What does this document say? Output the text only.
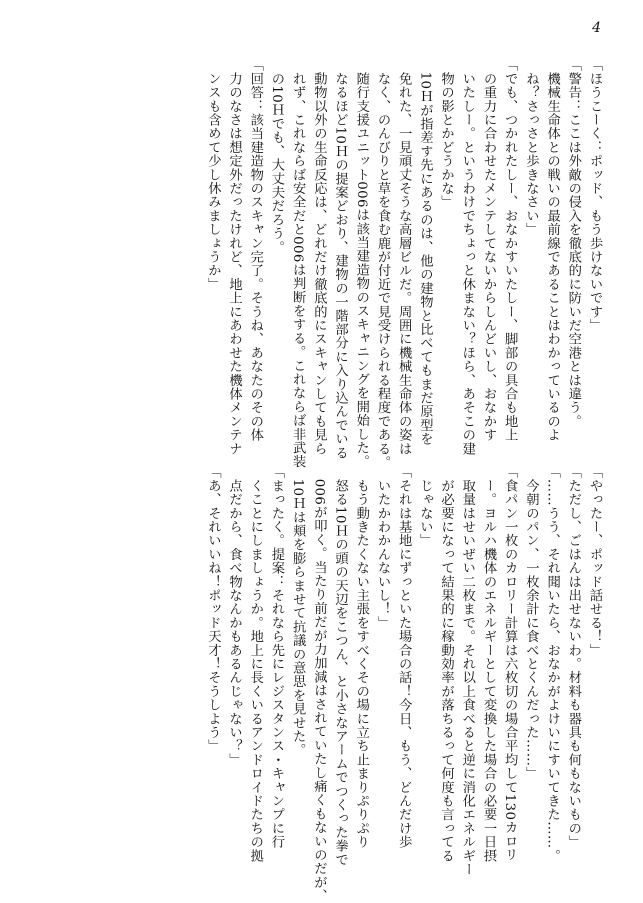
4

「ほうこーく：ポッド、もう歩けないです」

「警告：ここは外敵の侵入を徹底的に防いだ空港とは違う。

　機械生命体との戦いの最前線であることはわかっているのよ

　ね？さっさと歩きなさい」

「でも、つかれたしー、おなかすいたしー、脚部の具合も地上

　の重力に合わせたメンテしてないからしんどいし、おなかす

　いたしー。というわけでちょっと休まない？ほら、あそこの建

　物の影とかどうかな」

　10Ｈが指差す先にあるのは、他の建物と比べてもまだ原型を

　免れた、一見頑丈そうな高層ビルだ。周囲に機械生命体の姿は

　なく、のんびりと草を食む鹿が付近で見受けられる程度である。

　随行支援ユニット006は該当建造物のスキャニングを開始した。

　なるほど10Ｈの提案どおり、建物の一階部分に入り込んでいる

　動物以外の生命反応は、どれだけ徹底的にスキャンしても見ら

　れず、これならば安全だと006は判断をする。これならば非武装

　の10Ｈでも、大丈夫だろう。

「回答：該当建造物のスキャン完了。そうね、あなたのその体

　力のなさは想定外だったけれど、地上にあわせた機体メンテナ

　ンスも含めて少し休みましょうか」

「やったー、ポッド話せる！」

「ただし、ごはんは出せないわ。材料も器具も何もないもの」

「……うう、それ聞いたら、おなかがよけいにすいてきた……。

　今朝のパン、一枚余計に食べとくんだった……」

「食パン一枚のカロリー計算は六枚切の場合平均して130カロリ

　ー。ヨルハ機体のエネルギーとして変換した場合の必要一日摂

　取量はせいぜい二枚まで。それ以上食べると逆に消化エネルギー

　が必要になって結果的に稼動効率が落ちるって何度も言ってる

　じゃない」

「それは基地にずっといた場合の話！今日、もう、どんだけ歩

　いたかわかんないし！」

　もう動きたくない主張をすべくその場に立ち止まりぷりぷり

　怒る10Ｈの頭の天辺をこつん、と小さなアームでつくった拳で

　006が叩く。当たり前だが力加減はされていたし痛くもないのだが、

　10Ｈは頬を膨らませて抗議の意思を見せた。

「まったく。提案：それなら先にレジスタンス・キャンプに行

　くことにしましょうか。地上に長くいるアンドロイドたちの拠

　点だから、食べ物なんかもあるんじゃない？」

「あ、それいいね！ポッド天才！そうしよう」
